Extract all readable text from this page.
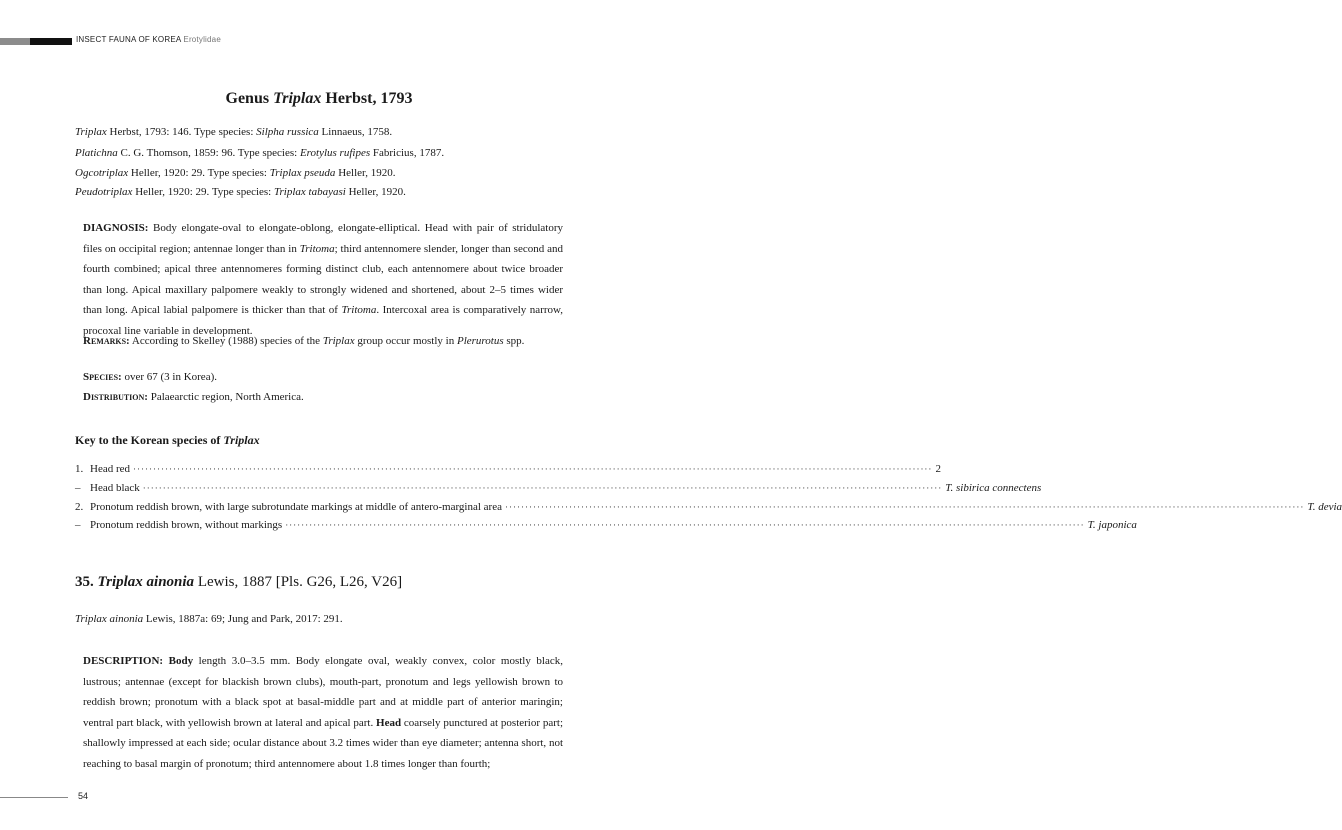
INSECT FAUNA OF KOREA Erotylidae
Genus Triplax Herbst, 1793
Triplax Herbst, 1793: 146. Type species: Silpha russica Linnaeus, 1758.
Platichna C. G. Thomson, 1859: 96. Type species: Erotylus rufipes Fabricius, 1787.
Ogcotriplax Heller, 1920: 29. Type species: Triplax pseuda Heller, 1920.
Peudotriplax Heller, 1920: 29. Type species: Triplax tabayasi Heller, 1920.
DIAGNOSIS: Body elongate-oval to elongate-oblong, elongate-elliptical. Head with pair of stridulatory files on occipital region; antennae longer than in Tritoma; third antennomere slender, longer than second and fourth combined; apical three antennomeres forming distinct club, each antennomere about twice broader than long. Apical maxillary palpomere weakly to strongly widened and shortened, about 2–5 times wider than long. Apical labial palpomere is thicker than that of Tritoma. Intercoxal area is comparatively narrow, procoxal line variable in development.
Remarks: According to Skelley (1988) species of the Triplax group occur mostly in Plerurotus spp.
Species: over 67 (3 in Korea).
Distribution: Palaearctic region, North America.
Key to the Korean species of Triplax
1. Head red ········································································································································································································ 2
– Head black ········································································································································································································ T. sibirica connectens
2. Pronotum reddish brown, with large subrotundate markings at middle of antero-marginal area ········································································································································································································ T. devia
– Pronotum reddish brown, without markings ········································································································································································································ T. japonica
35. Triplax ainonia Lewis, 1887 [Pls. G26, L26, V26]
Triplax ainonia Lewis, 1887a: 69; Jung and Park, 2017: 291.
DESCRIPTION: Body length 3.0–3.5 mm. Body elongate oval, weakly convex, color mostly black, lustrous; antennae (except for blackish brown clubs), mouth-part, pronotum and legs yellowish brown to reddish brown; pronotum with a black spot at basal-middle part and at middle part of anterior maringin; ventral part black, with yellowish brown at lateral and apical part. Head coarsely punctured at posterior part; shallowly impressed at each side; ocular distance about 3.2 times wider than eye diameter; antenna short, not reaching to basal margin of pronotum; third antennomere about 1.8 times longer than fourth;
54
